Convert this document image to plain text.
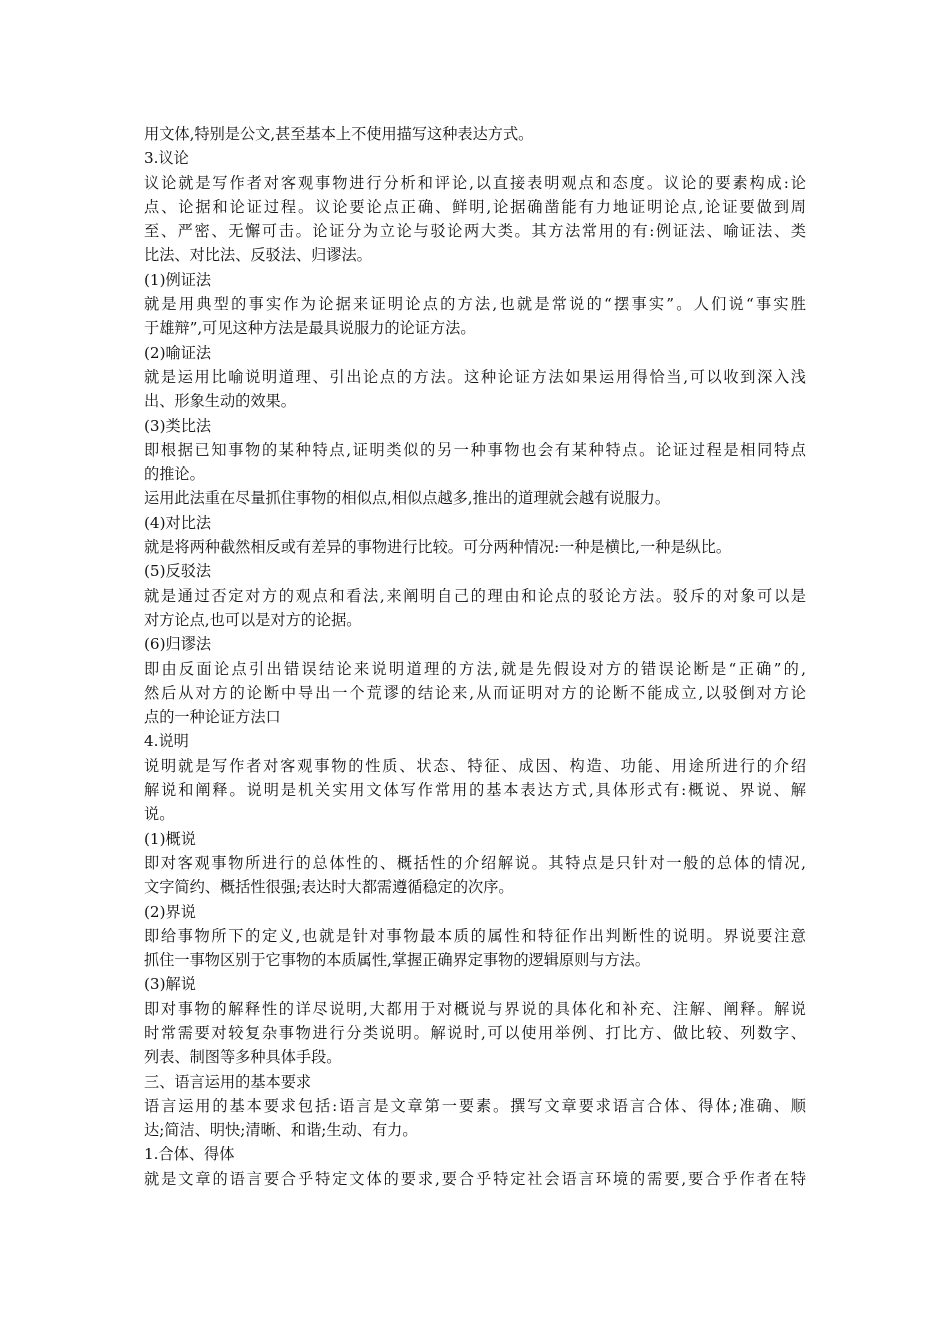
用文体,特别是公文,甚至基本上不使用描写这种表达方式。
3.议论
议论就是写作者对客观事物进行分析和评论,以直接表明观点和态度。议论的要素构成:论
点、论据和论证过程。议论要论点正确、鲜明,论据确凿能有力地证明论点,论证要做到周
至、严密、无懈可击。论证分为立论与驳论两大类。其方法常用的有:例证法、喻证法、类
比法、对比法、反驳法、归谬法。
(1)例证法
就是用典型的事实作为论据来证明论点的方法,也就是常说的“摆事实”。人们说“事实胜
于雄辩”,可见这种方法是最具说服力的论证方法。
(2)喻证法
就是运用比喻说明道理、引出论点的方法。这种论证方法如果运用得恰当,可以收到深入浅
出、形象生动的效果。
(3)类比法
即根据已知事物的某种特点,证明类似的另一种事物也会有某种特点。论证过程是相同特点
的推论。
运用此法重在尽量抓住事物的相似点,相似点越多,推出的道理就会越有说服力。
(4)对比法
就是将两种截然相反或有差异的事物进行比较。可分两种情况:一种是横比,一种是纵比。
(5)反驳法
就是通过否定对方的观点和看法,来阐明自己的理由和论点的驳论方法。驳斥的对象可以是
对方论点,也可以是对方的论据。
(6)归谬法
即由反面论点引出错误结论来说明道理的方法,就是先假设对方的错误论断是“正确”的,
然后从对方的论断中导出一个荒谬的结论来,从而证明对方的论断不能成立,以驳倒对方论
点的一种论证方法口
4.说明
说明就是写作者对客观事物的性质、状态、特征、成因、构造、功能、用途所进行的介绍
解说和阐释。说明是机关实用文体写作常用的基本表达方式,具体形式有:概说、界说、解
说。
(1)概说
即对客观事物所进行的总体性的、概括性的介绍解说。其特点是只针对一般的总体的情况,
文字简约、概括性很强;表达时大都需遵循稳定的次序。
(2)界说
即给事物所下的定义,也就是针对事物最本质的属性和特征作出判断性的说明。界说要注意
抓住一事物区别于它事物的本质属性,掌握正确界定事物的逻辑原则与方法。
(3)解说
即对事物的解释性的详尽说明,大都用于对概说与界说的具体化和补充、注解、阐释。解说
时常需要对较复杂事物进行分类说明。解说时,可以使用举例、打比方、做比较、列数字、
列表、制图等多种具体手段。
三、语言运用的基本要求
语言运用的基本要求包括:语言是文章第一要素。撰写文章要求语言合体、得体;准确、顺
达;简洁、明快;清晰、和谐;生动、有力。
1.合体、得体
就是文章的语言要合乎特定文体的要求,要合乎特定社会语言环境的需要,要合乎作者在特
